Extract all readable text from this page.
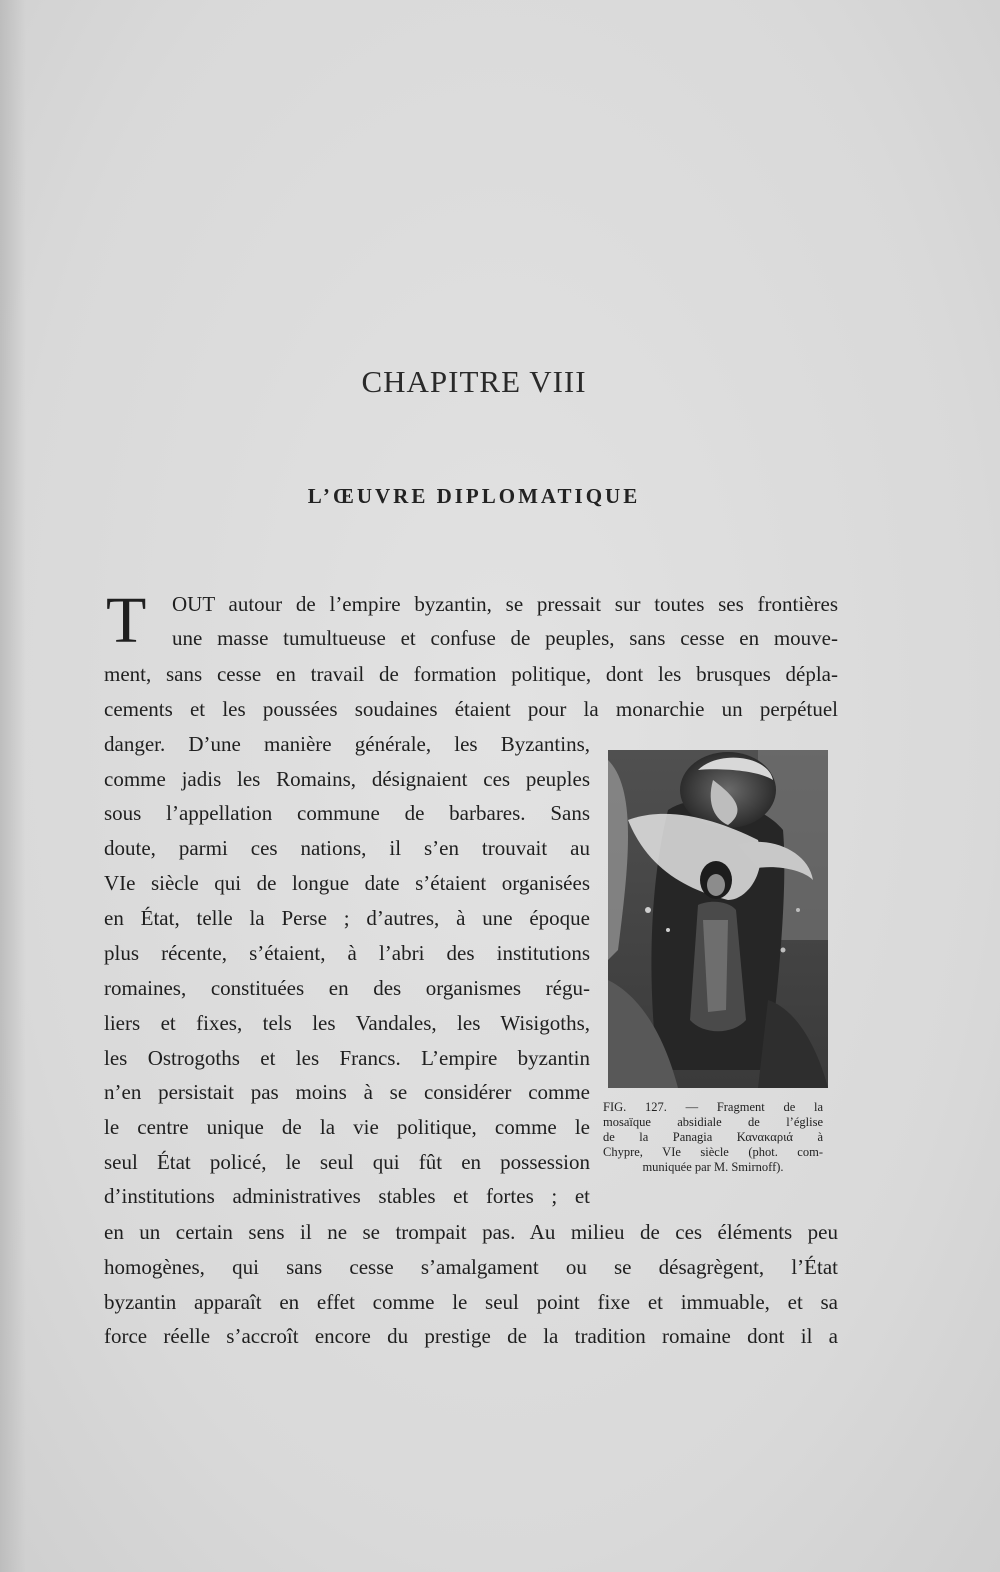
CHAPITRE VIII
L’ŒUVRE DIPLOMATIQUE
T OUT autour de l’empire byzantin, se pressait sur toutes ses frontières
une masse tumultueuse et confuse de peuples, sans cesse en mouve-
ment, sans cesse en travail de formation politique, dont les brusques dépla-
cements et les poussées soudaines étaient pour la monarchie un perpétuel
danger. D’une manière générale, les Byzantins,
comme jadis les Romains, désignaient ces peuples
sous l’appellation commune de barbares. Sans
doute, parmi ces nations, il s’en trouvait au
VIe siècle qui de longue date s’étaient organisées
en État, telle la Perse ; d’autres, à une époque
plus récente, s’étaient, à l’abri des institutions
romaines, constituées en des organismes régu-
liers et fixes, tels les Vandales, les Wisigoths,
les Ostrogoths et les Francs. L’empire byzantin
n’en persistait pas moins à se considérer comme
le centre unique de la vie politique, comme le
seul État policé, le seul qui fût en possession
d’institutions administratives stables et fortes ; et
en un certain sens il ne se trompait pas. Au milieu de ces éléments peu
homogènes, qui sans cesse s’amalgament ou se désagrègent, l’État
byzantin apparaît en effet comme le seul point fixe et immuable, et sa
force réelle s’accroît encore du prestige de la tradition romaine dont il a
FIG. 127. — Fragment de la
mosaïque absidiale de l’église
de la Panagia Κανακαριά à
Chypre, VIe siècle (phot. com-
muniquée par M. Smirnoff).
